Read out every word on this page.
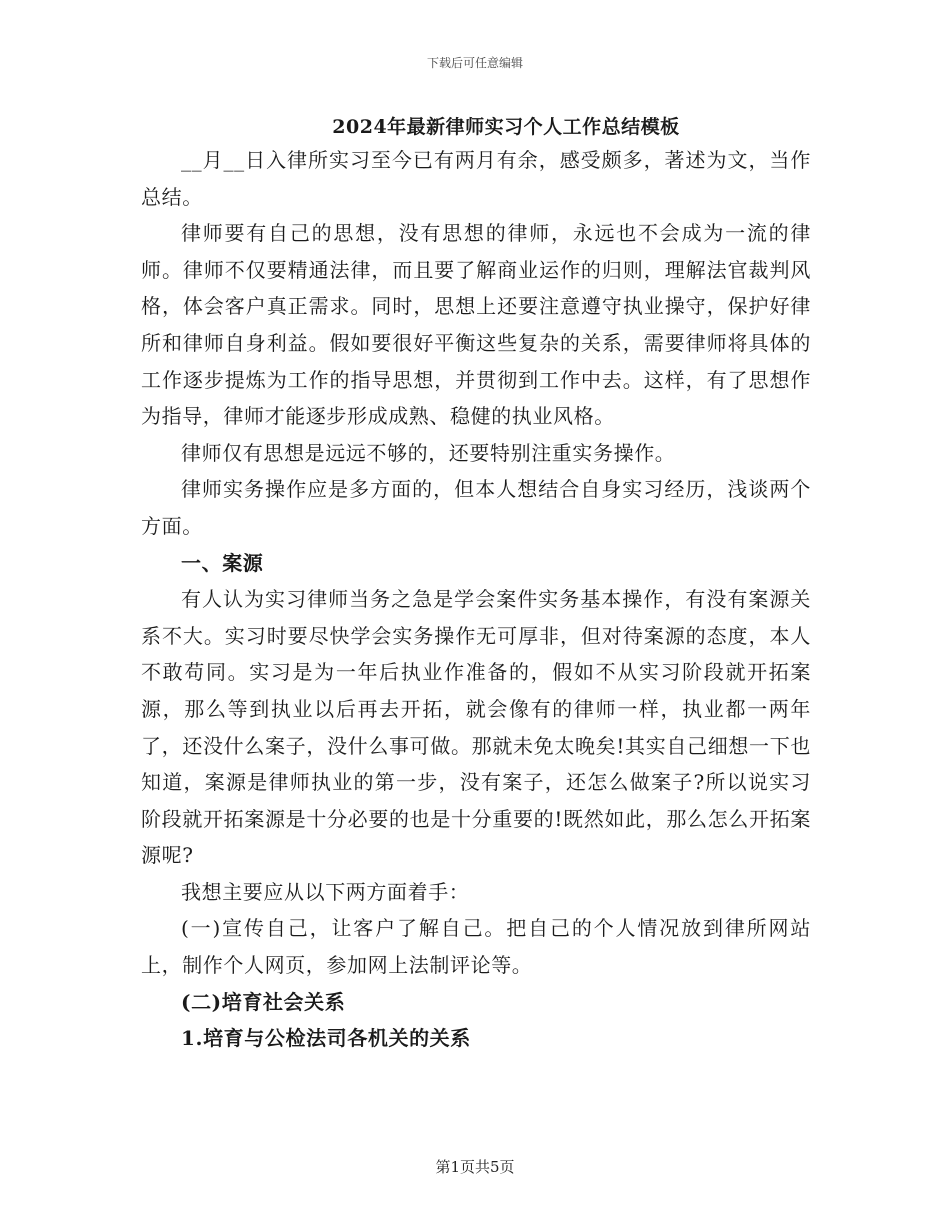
下载后可任意编辑
2024年最新律师实习个人工作总结模板

__月__日入律所实习至今已有两月有余，感受颇多，著述为文，当作总结。

律师要有自己的思想，没有思想的律师，永远也不会成为一流的律师。律师不仅要精通法律，而且要了解商业运作的归则，理解法官裁判风格，体会客户真正需求。同时，思想上还要注意遵守执业操守，保护好律所和律师自身利益。假如要很好平衡这些复杂的关系，需要律师将具体的工作逐步提炼为工作的指导思想，并贯彻到工作中去。这样，有了思想作为指导，律师才能逐步形成成熟、稳健的执业风格。

律师仅有思想是远远不够的，还要特别注重实务操作。

律师实务操作应是多方面的，但本人想结合自身实习经历，浅谈两个方面。

一、案源

有人认为实习律师当务之急是学会案件实务基本操作，有没有案源关系不大。实习时要尽快学会实务操作无可厚非，但对待案源的态度，本人不敢苟同。实习是为一年后执业作准备的，假如不从实习阶段就开拓案源，那么等到执业以后再去开拓，就会像有的律师一样，执业都一两年了，还没什么案子，没什么事可做。那就未免太晚矣!其实自己细想一下也知道，案源是律师执业的第一步，没有案子，还怎么做案子?所以说实习阶段就开拓案源是十分必要的也是十分重要的!既然如此，那么怎么开拓案源呢?

我想主要应从以下两方面着手：

(一)宣传自己，让客户了解自己。把自己的个人情况放到律所网站上，制作个人网页，参加网上法制评论等。

(二)培育社会关系

1.培育与公检法司各机关的关系

第1页共5页
